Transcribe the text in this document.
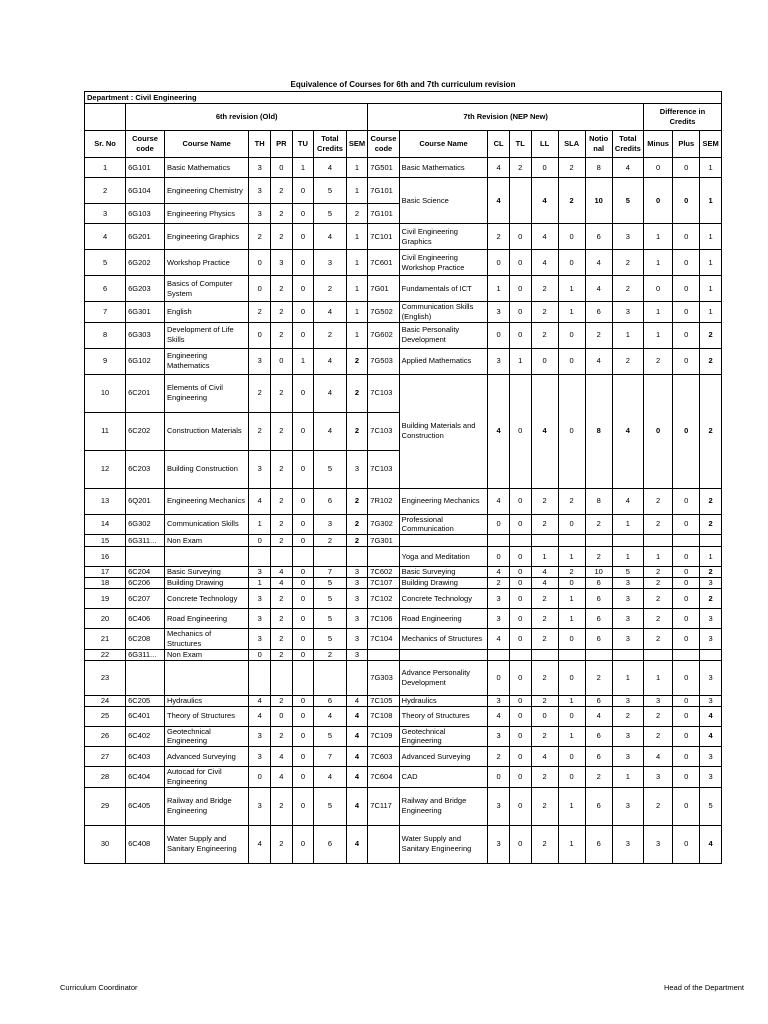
Equivalence of Courses for 6th and 7th curriculum revision
Department : Civil Engineering																		
	6th revision (Old)							7th Revision (NEP New)								Difference in Credits		
Sr. No	Course code	Course Name	TH	PR	TU	Total Credits	SEM	Course code	Course Name	CL	TL	LL	SLA	Notio nal	Total Credits	Minus	Plus	SEM
1	6G101	Basic Mathematics	3	0	1	4	1	7G501	Basic Mathematics	4	2	0	2	8	4	0	0	1
2	6G104	Engineering Chemistry	3	2	0	5	1	7G101	Basic Science	4		4	2	10	5	0	0	1
3	6G103	Engineering Physics	3	2	0	5	2	7G101										
4	6G201	Engineering Graphics	2	2	0	4	1	7C101	Civil Engineering Graphics	2	0	4	0	6	3	1	0	1
5	6G202	Workshop Practice	0	3	0	3	1	7C601	Civil Engineering Workshop Practice	0	0	4	0	4	2	1	0	1
6	6G203	Basics of Computer System	0	2	0	2	1	7G01	Fundamentals of ICT	1	0	2	1	4	2	0	0	1
7	6G301	English	2	2	0	4	1	7G502	Communication Skills (English)	3	0	2	1	6	3	1	0	1
8	6G303	Development of Life Skills	0	2	0	2	1	7G602	Basic Personality Development	0	0	2	0	2	1	1	0	2
9	6G102	Engineering Mathematics	3	0	1	4	2	7G503	Applied Mathematics	3	1	0	0	4	2	2	0	2
10	6C201	Elements of Civil Engineering	2	2	0	4	2	7C103	Building Materials and Construction	4	0	4	0	8	4	0	0	2
11	6C202	Construction Materials	2	2	0	4	2	7C103										
12	6C203	Building Construction	3	2	0	5	3	7C103										
13	6Q201	Engineering Mechanics	4	2	0	6	2	7R102	Engineering Mechanics	4	0	2	2	8	4	2	0	2
14	6G302	Communication Skills	1	2	0	3	2	7G302	Professional Communication	0	0	2	0	2	1	2	0	2
15	6G311...	Non Exam	0	2	0	2	2	7G301										
16									Yoga and Meditation	0	0	1	1	2	1	1	0	1
17	6C204	Basic Surveying	3	4	0	7	3	7C602	Basic Surveying	4	0	4	2	10	5	2	0	2
18	6C206	Building Drawing	1	4	0	5	3	7C107	Building Drawing	2	0	4	0	6	3	2	0	3
19	6C207	Concrete Technology	3	2	0	5	3	7C102	Concrete Technology	3	0	2	1	6	3	2	0	2
20	6C406	Road Engineering	3	2	0	5	3	7C106	Road Engineering	3	0	2	1	6	3	2	0	3
21	6C208	Mechanics of Structures	3	2	0	5	3	7C104	Mechanics of Structures	4	0	2	0	6	3	2	0	3
22	6G311...	Non Exam	0	2	0	2	3											
23								7G303	Advance Personality Development	0	0	2	0	2	1	1	0	3
24	6C205	Hydraulics	4	2	0	6	4	7C105	Hydraulics	3	0	2	1	6	3	3	0	3
25	6C401	Theory of Structures	4	0	0	4	4	7C108	Theory of Structures	4	0	0	0	4	2	2	0	4
26	6C402	Geotechnical Engineering	3	2	0	5	4	7C109	Geotechnical Engineering	3	0	2	1	6	3	2	0	4
27	6C403	Advanced Surveying	3	4	0	7	4	7C603	Advanced Surveying	2	0	4	0	6	3	4	0	3
28	6C404	Autocad for Civil Engineering	0	4	0	4	4	7C604	CAD	0	0	2	0	2	1	3	0	3
29	6C405	Railway and Bridge Engineering	3	2	0	5	4	7C117	Railway and Bridge Engineering	3	0	2	1	6	3	2	0	5
30	6C408	Water Supply and Sanitary Engineering	4	2	0	6	4		Water Supply and Sanitary Engineering	3	0	2	1	6	3	3	0	4
Curriculum Coordinator	Head of the Department
